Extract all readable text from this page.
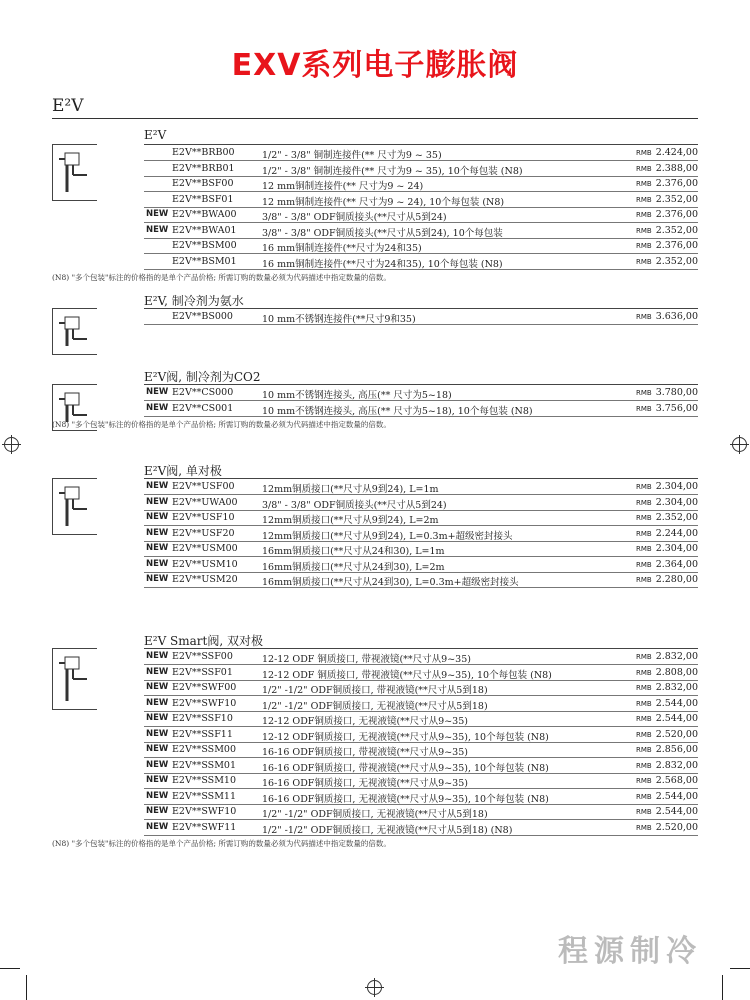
EXV系列电子膨胀阀
E²V
E²V
E2V**BRB00	1/2" - 3/8" 铜制连接件(** 尺寸为9 ~ 35)	RMB 2.424,00
E2V**BRB01	1/2" - 3/8" 铜制连接件(** 尺寸为9 ~ 35), 10个每包装 (N8)	RMB 2.388,00
E2V**BSF00	12 mm铜制连接件(** 尺寸为9 ~ 24)	RMB 2.376,00
E2V**BSF01	12 mm铜制连接件(** 尺寸为9 ~ 24), 10个每包装 (N8)	RMB 2.352,00
NEW E2V**BWA00	3/8" - 3/8" ODF铜质接头(**尺寸从5到24)	RMB 2.376,00
NEW E2V**BWA01	3/8" - 3/8" ODF铜质接头(**尺寸从5到24), 10个每包装	RMB 2.352,00
E2V**BSM00	16 mm铜制连接件(**尺寸为24和35)	RMB 2.376,00
E2V**BSM01	16 mm铜制连接件(**尺寸为24和35), 10个每包装 (N8)	RMB 2.352,00
(N8) "多个包装"标注的价格指的是单个产品价格; 所需订购的数量必须为代码描述中指定数量的倍数。
E²V, 制冷剂为氨水
E2V**BS000	10 mm不锈钢连接件(**尺寸9和35)	RMB 3.636,00
E²V阀, 制冷剂为CO2
NEW E2V**CS000	10 mm不锈钢连接头, 高压(** 尺寸为5~18)	RMB 3.780,00
NEW E2V**CS001	10 mm不锈钢连接头, 高压(** 尺寸为5~18), 10个每包装 (N8)	RMB 3.756,00
(N8) "多个包装"标注的价格指的是单个产品价格; 所需订购的数量必须为代码描述中指定数量的倍数。
E²V阀, 单对极
NEW E2V**USF00	12mm铜质接口(**尺寸从9到24), L=1m	RMB 2.304,00
NEW E2V**UWA00	3/8" - 3/8" ODF铜质接头(**尺寸从5到24)	RMB 2.304,00
NEW E2V**USF10	12mm铜质接口(**尺寸从9到24), L=2m	RMB 2.352,00
NEW E2V**USF20	12mm铜质接口(**尺寸从9到24), L=0.3m+超级密封接头	RMB 2.244,00
NEW E2V**USM00	16mm铜质接口(**尺寸从24和30), L=1m	RMB 2.304,00
NEW E2V**USM10	16mm铜质接口(**尺寸从24到30), L=2m	RMB 2.364,00
NEW E2V**USM20	16mm铜质接口(**尺寸从24到30), L=0.3m+超级密封接头	RMB 2.280,00
E²V Smart阀, 双对极
NEW E2V**SSF00	12-12 ODF 铜质接口, 带视液镜(**尺寸从9~35)	RMB 2.832,00
NEW E2V**SSF01	12-12 ODF 铜质接口, 带视液镜(**尺寸从9~35), 10个每包装 (N8)	RMB 2.808,00
NEW E2V**SWF00	1/2" -1/2" ODF铜质接口, 带视液镜(**尺寸从5到18)	RMB 2.832,00
NEW E2V**SWF10	1/2" -1/2" ODF铜质接口, 无视液镜(**尺寸从5到18)	RMB 2.544,00
NEW E2V**SSF10	12-12 ODF铜质接口, 无视液镜(**尺寸从9~35)	RMB 2.544,00
NEW E2V**SSF11	12-12 ODF铜质接口, 无视液镜(**尺寸从9~35), 10个每包装 (N8)	RMB 2.520,00
NEW E2V**SSM00	16-16 ODF铜质接口, 带视液镜(**尺寸从9~35)	RMB 2.856,00
NEW E2V**SSM01	16-16 ODF铜质接口, 带视液镜(**尺寸从9~35), 10个每包装 (N8)	RMB 2.832,00
NEW E2V**SSM10	16-16 ODF铜质接口, 无视液镜(**尺寸从9~35)	RMB 2.568,00
NEW E2V**SSM11	16-16 ODF铜质接口, 无视液镜(**尺寸从9~35), 10个每包装 (N8)	RMB 2.544,00
NEW E2V**SWF10	1/2" -1/2" ODF铜质接口, 无视液镜(**尺寸从5到18)	RMB 2.544,00
NEW E2V**SWF11	1/2" -1/2" ODF铜质接口, 无视液镜(**尺寸从5到18) (N8)	RMB 2.520,00
(N8) "多个包装"标注的价格指的是单个产品价格; 所需订购的数量必须为代码描述中指定数量的倍数。
程源制冷
